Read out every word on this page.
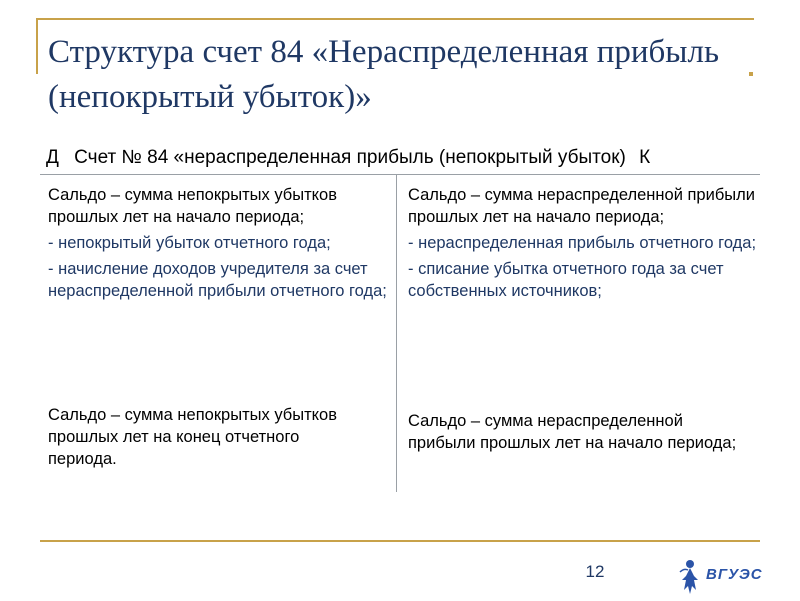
Структура счет 84 «Нераспределенная прибыль (непокрытый убыток)»
Д Счет № 84 «нераспределенная прибыль (непокрытый убыток) К

Сальдо – сумма непокрытых убытков прошлых лет на начало периода;

- непокрытый убыток отчетного года;

- начисление доходов учредителя за счет нераспределенной прибыли отчетного года;

Сальдо – сумма непокрытых убытков прошлых лет на конец отчетного периода.

Сальдо – сумма нераспределенной прибыли прошлых лет на начало периода;

- нераспределенная прибыль отчетного года;

- списание убытка отчетного года за счет собственных источников;

Сальдо – сумма нераспределенной прибыли прошлых лет на начало периода;

12	ВГУЭС
